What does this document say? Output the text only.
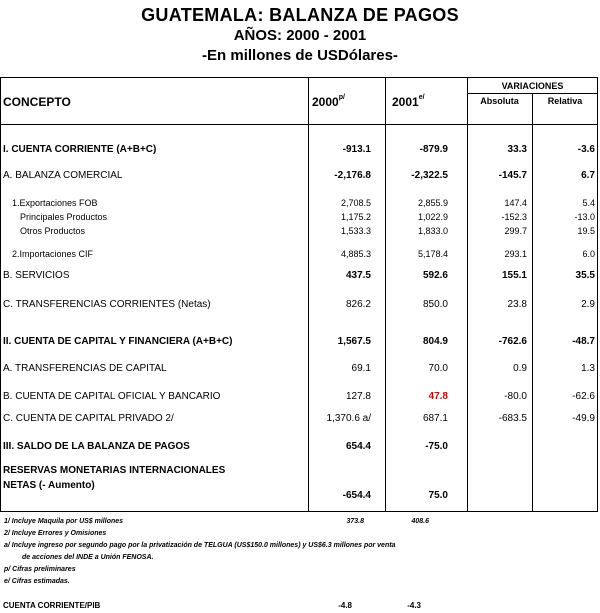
GUATEMALA: BALANZA DE PAGOS
AÑOS: 2000 - 2001
-En millones de USDólares-
CONCEPTO	$2000^{p/}$	$2001^{e/}$
VARIACIONES
Absoluta	Relativa
I. CUENTA CORRIENTE (A+B+C)	-913.1	-879.9	33.3	-3.6
A. BALANZA COMERCIAL	-2,176.8	-2,322.5	-145.7	6.7
1.Exportaciones FOB	2,708.5	2,855.9	147.4	5.4
Principales Productos	1,175.2	1,022.9	-152.3	-13.0
Otros Productos	1,533.3	1,833.0	299.7	19.5
2.Importaciones CIF	4,885.3	5,178.4	293.1	6.0
B. SERVICIOS	437.5	592.6	155.1	35.5
C. TRANSFERENCIAS CORRIENTES (Netas)	826.2	850.0	23.8	2.9
II. CUENTA DE CAPITAL Y FINANCIERA (A+B+C)	1,567.5	804.9	-762.6	-48.7
A. TRANSFERENCIAS DE CAPITAL	69.1	70.0	0.9	1.3
B. CUENTA DE CAPITAL OFICIAL Y BANCARIO	127.8	47.8	-80.0	-62.6
C. CUENTA DE CAPITAL PRIVADO 2/	1,370.6 a/	687.1	-683.5	-49.9
III. SALDO DE LA BALANZA DE PAGOS	654.4	-75.0
RESERVAS MONETARIAS INTERNACIONALES
NETAS (- Aumento)
-654.4	75.0
1/ Incluye Maquila por US$ millones	373.8	408.6
2/ Incluye Errores y Omisiones
a/ Incluye ingreso por segundo pago por la privatización de TELGUA (US$150.0 millones) y US$6.3 millones por venta
de acciones del INDE a Unión FENOSA.
p/ Cifras preliminares
e/ Cifras estimadas.
CUENTA CORRIENTE/PIB	-4.8	-4.3
